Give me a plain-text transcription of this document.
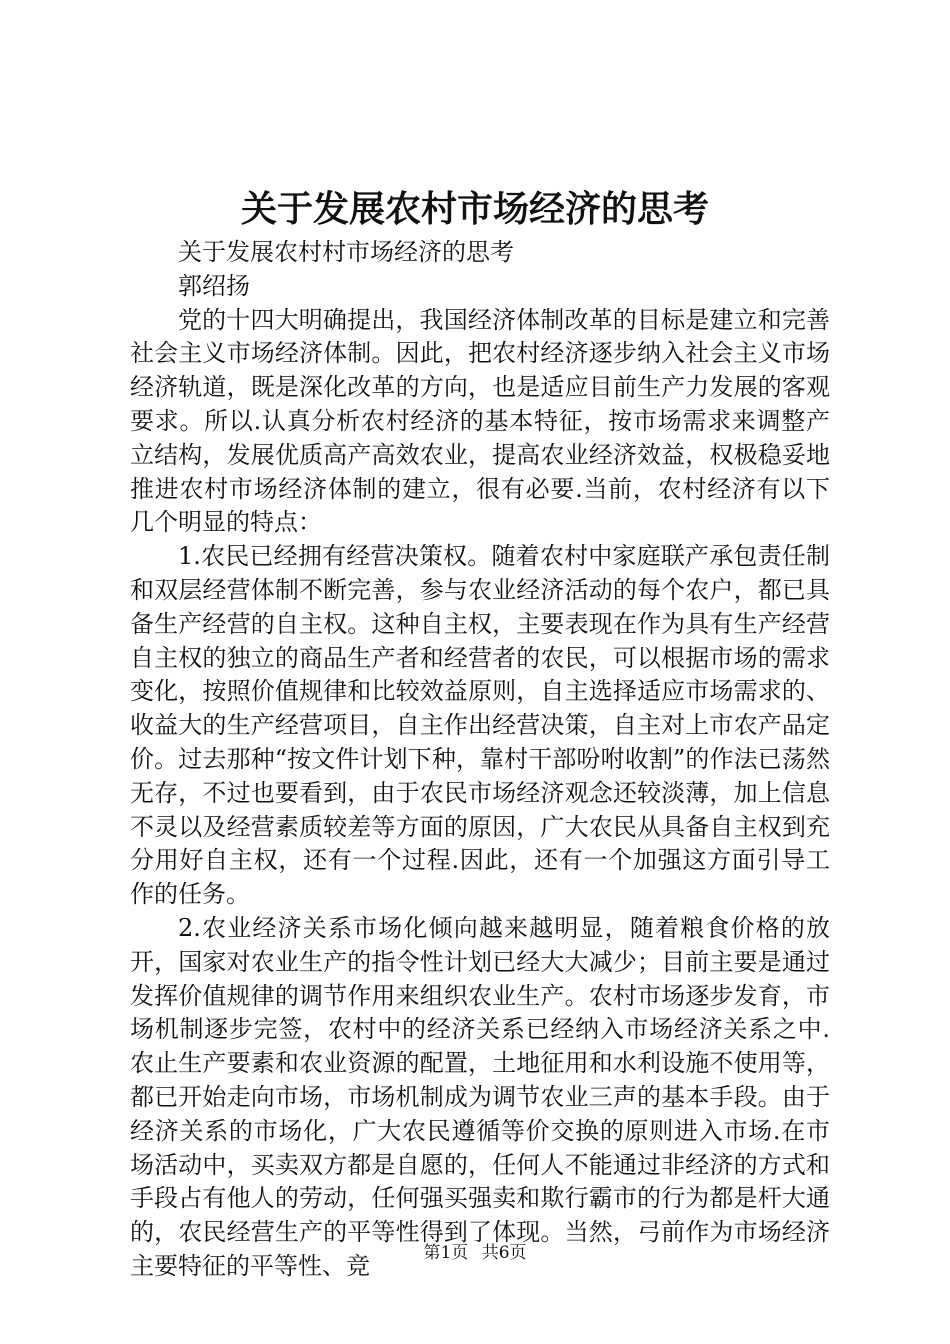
关于发展农村市场经济的思考
关于发展农村村市场经济的思考
郭绍扬
党的十四大明确提出，我国经济体制改革的目标是建立和完善社会主义市场经济体制。因此，把农村经济逐步纳入社会主义市场经济轨道，既是深化改革的方向，也是适应目前生产力发展的客观要求。所以.认真分析农村经济的基本特征，按市场需求来调整产立结构，发展优质高产高效农业，提高农业经济效益，权极稳妥地推进农村市场经济体制的建立，很有必要.当前，农村经济有以下几个明显的特点：
1.农民已经拥有经营决策权。随着农村中家庭联产承包责任制和双层经营体制不断完善，参与农业经济活动的每个农户，都已具备生产经营的自主权。这种自主权，主要表现在作为具有生产经营自主权的独立的商品生产者和经营者的农民，可以根据市场的需求变化，按照价值规律和比较效益原则，自主选择适应市场需求的、收益大的生产经营项目，自主作出经营决策，自主对上市农产品定价。过去那种“按文件计划下种，靠村干部吩咐收割”的作法已荡然无存，不过也要看到，由于农民市场经济观念还较淡薄，加上信息不灵以及经营素质较差等方面的原因，广大农民从具备自主权到充分用好自主权，还有一个过程.因此，还有一个加强这方面引导工作的任务。
2.农业经济关系市场化倾向越来越明显，随着粮食价格的放开，国家对农业生产的指令性计划已经大大减少；目前主要是通过发挥价值规律的调节作用来组织农业生产。农村市场逐步发育，市场机制逐步完签，农村中的经济关系已经纳入市场经济关系之中.农止生产要素和农业资源的配置，土地征用和水利设施不使用等，都已开始走向市场，市场机制成为调节农业三声的基本手段。由于经济关系的市场化，广大农民遵循等价交换的原则进入市场.在市场活动中，买卖双方都是自愿的，任何人不能通过非经济的方式和手段占有他人的劳动，任何强买强卖和欺行霸市的行为都是杆大通的，农民经营生产的平等性得到了体现。当然，弓前作为市场经济主要特征的平等性、竞	第1页 共6页
